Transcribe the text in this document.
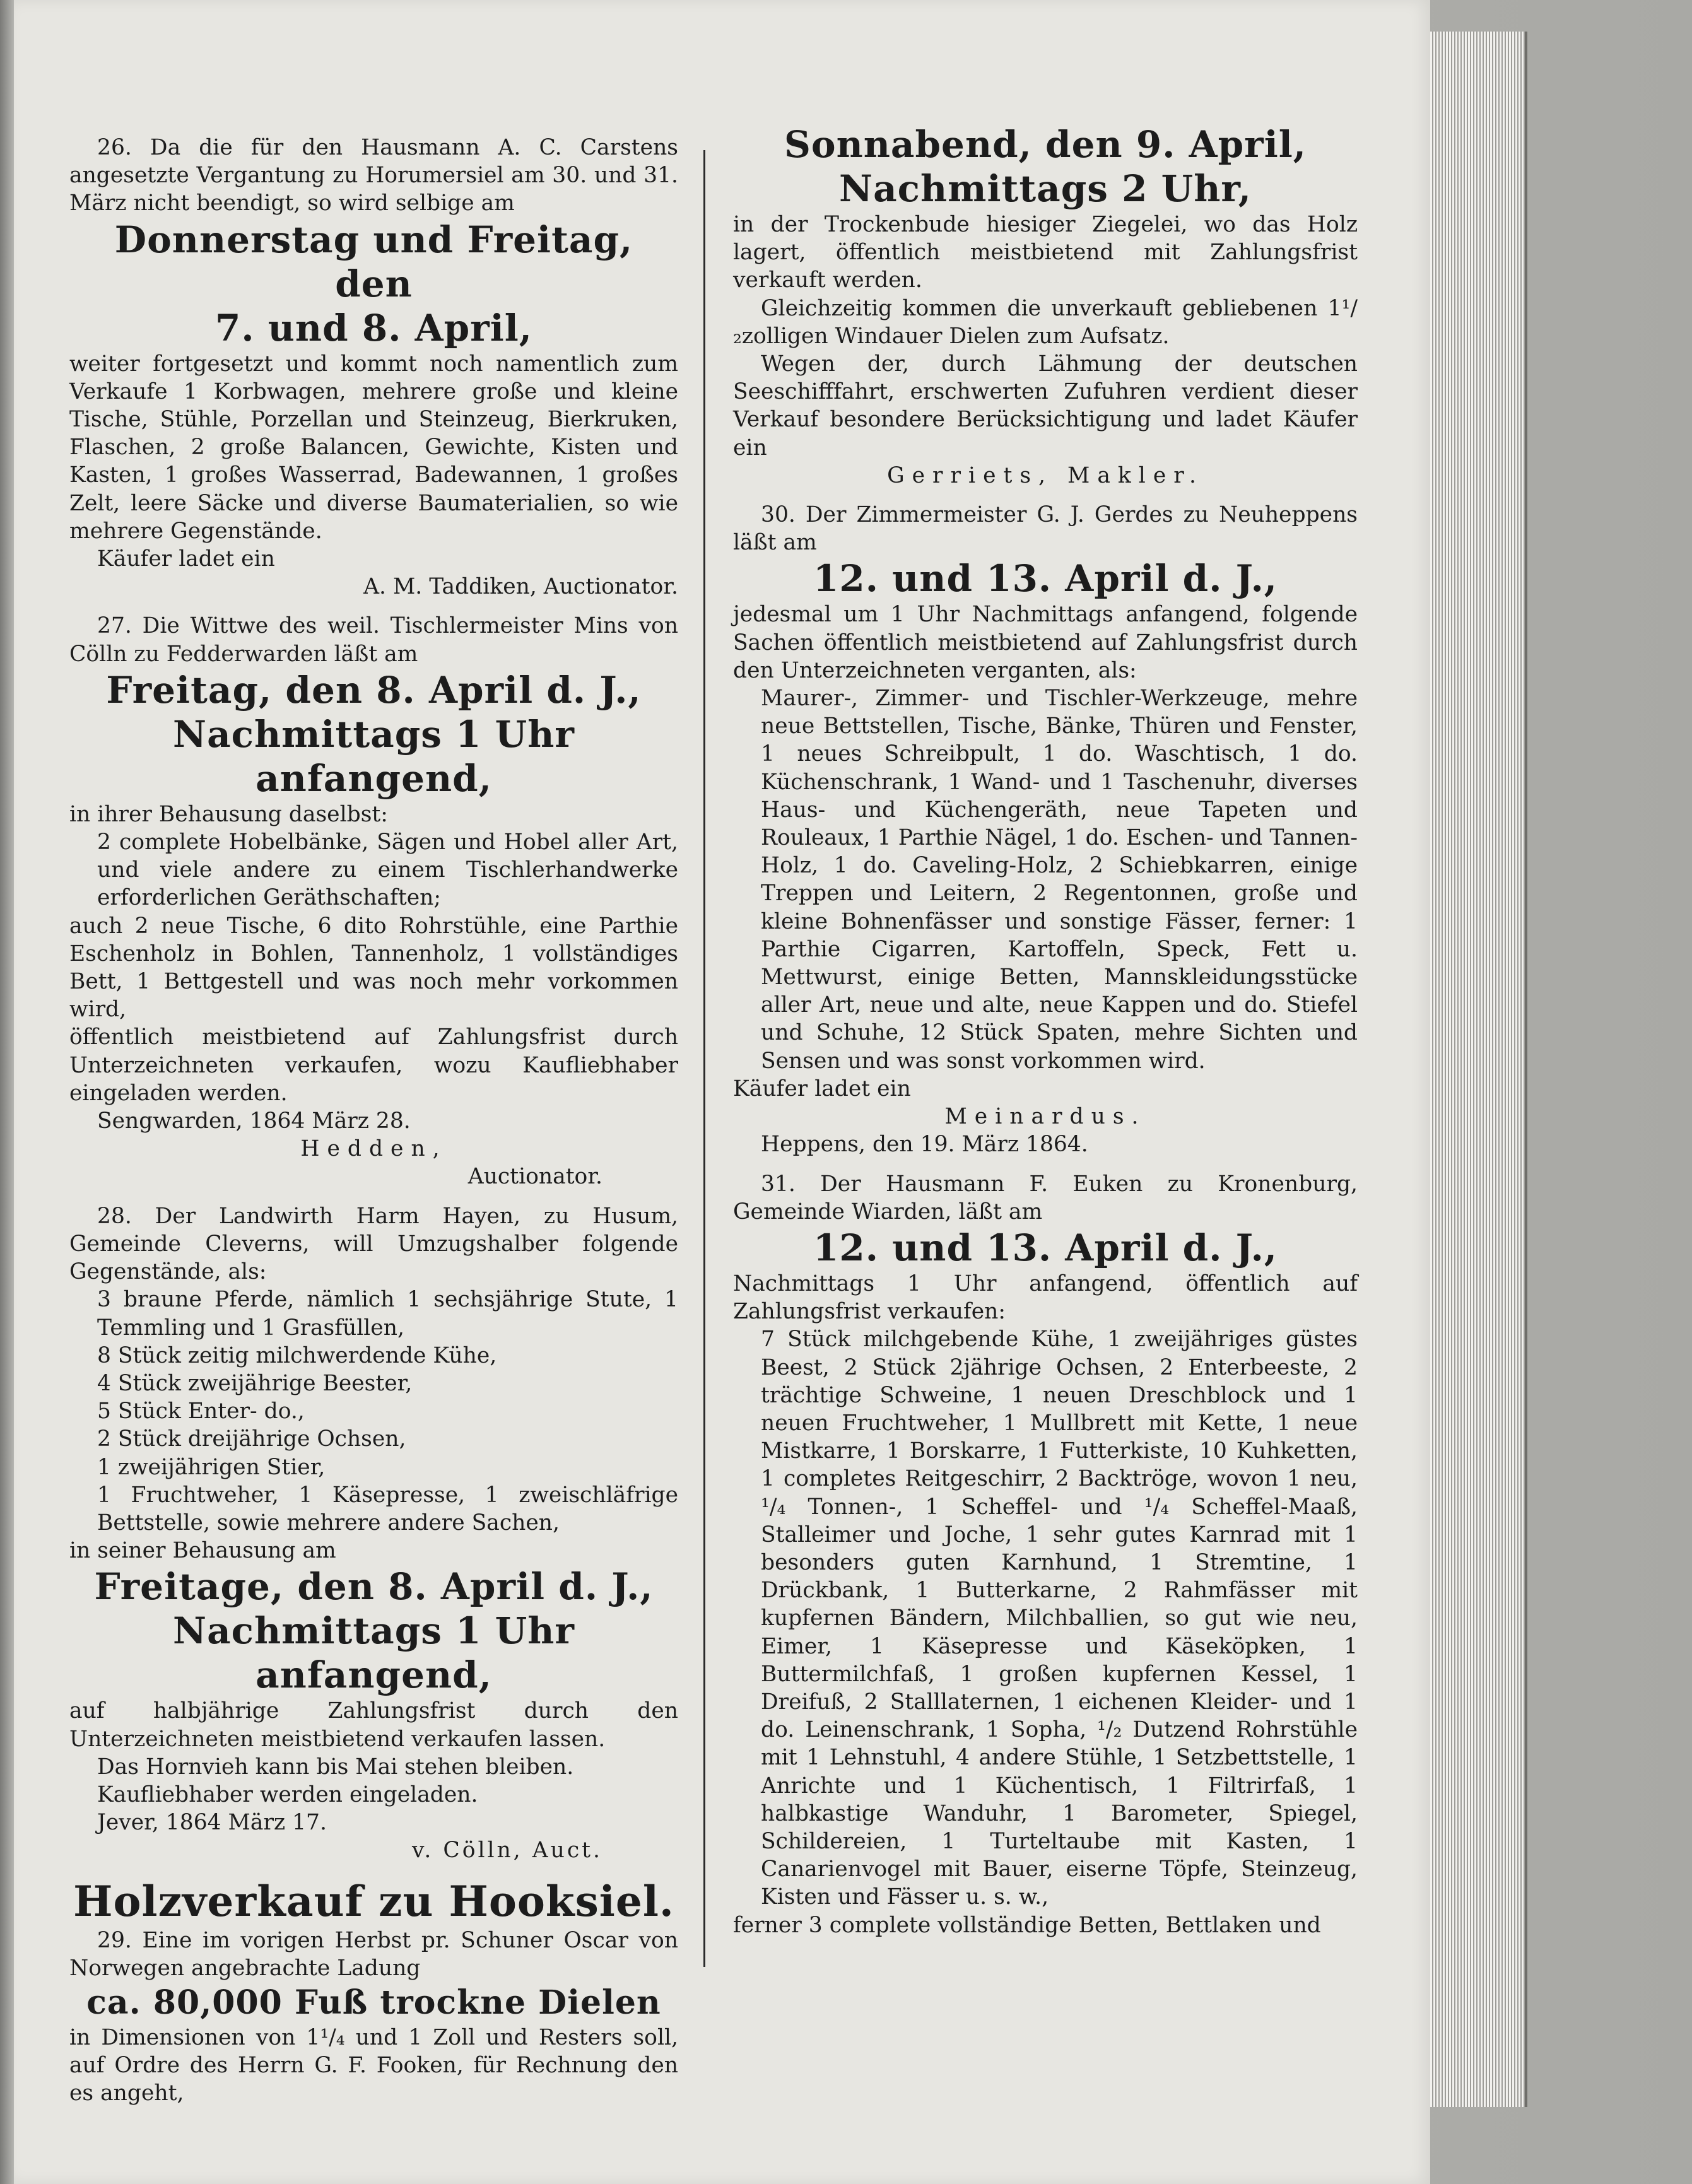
26. Da die für den Hausmann A. C. Carstens angesetzte Vergantung zu Horumersiel am 30. und 31. März nicht beendigt, so wird selbige am

Donnerstag und Freitag, den
7. und 8. April,

weiter fortgesetzt und kommt noch namentlich zum Verkaufe 1 Korbwagen, mehrere große und kleine Tische, Stühle, Porzellan und Steinzeug, Bierkruken, Flaschen, 2 große Balancen, Gewichte, Kisten und Kasten, 1 großes Wasserrad, Badewannen, 1 großes Zelt, leere Säcke und diverse Baumaterialien, so wie mehrere Gegenstände.

Käufer ladet ein

A. M. Taddiken, Auctionator.

27. Die Wittwe des weil. Tischlermeister Mins von Cölln zu Fedderwarden läßt am

Freitag, den 8. April d. J.,
Nachmittags 1 Uhr anfangend,

in ihrer Behausung daselbst:

2 complete Hobelbänke, Sägen und Hobel aller Art, und viele andere zu einem Tischlerhandwerke erforderlichen Geräthschaften;

auch 2 neue Tische, 6 dito Rohrstühle, eine Parthie Eschenholz in Bohlen, Tannenholz, 1 vollständiges Bett, 1 Bettgestell und was noch mehr vorkommen wird,

öffentlich meistbietend auf Zahlungsfrist durch Unterzeichneten verkaufen, wozu Kaufliebhaber eingeladen werden.

Sengwarden, 1864 März 28.

Hedden,

Auctionator.

28. Der Landwirth Harm Hayen, zu Husum, Gemeinde Cleverns, will Umzugshalber folgende Gegenstände, als:

3 braune Pferde, nämlich 1 sechsjährige Stute, 1 Temmling und 1 Grasfüllen,

8 Stück zeitig milchwerdende Kühe,

4 Stück zweijährige Beester,

5 Stück Enter- do.,

2 Stück dreijährige Ochsen,

1 zweijährigen Stier,

1 Fruchtweher, 1 Käsepresse, 1 zweischläfrige Bettstelle, sowie mehrere andere Sachen,

in seiner Behausung am

Freitage, den 8. April d. J.,
Nachmittags 1 Uhr anfangend,

auf halbjährige Zahlungsfrist durch den Unterzeichneten meistbietend verkaufen lassen.

Das Hornvieh kann bis Mai stehen bleiben.

Kaufliebhaber werden eingeladen.

Jever, 1864 März 17.

v. Cölln, Auct.

Holzverkauf zu Hooksiel.

29. Eine im vorigen Herbst pr. Schuner Oscar von Norwegen angebrachte Ladung

ca. 80,000 Fuß trockne Dielen

in Dimensionen von 1¹/₄ und 1 Zoll und Resters soll, auf Ordre des Herrn G. F. Fooken, für Rechnung den es angeht,

Sonnabend, den 9. April,
Nachmittags 2 Uhr,

in der Trockenbude hiesiger Ziegelei, wo das Holz lagert, öffentlich meistbietend mit Zahlungsfrist verkauft werden.

Gleichzeitig kommen die unverkauft gebliebenen 1¹/₂zolligen Windauer Dielen zum Aufsatz.

Wegen der, durch Lähmung der deutschen Seeschifffahrt, erschwerten Zufuhren verdient dieser Verkauf besondere Berücksichtigung und ladet Käufer ein

Gerriets, Makler.

30. Der Zimmermeister G. J. Gerdes zu Neuheppens läßt am

12. und 13. April d. J.,

jedesmal um 1 Uhr Nachmittags anfangend, folgende Sachen öffentlich meistbietend auf Zahlungsfrist durch den Unterzeichneten verganten, als:

Maurer-, Zimmer- und Tischler-Werkzeuge, mehre neue Bettstellen, Tische, Bänke, Thüren und Fenster, 1 neues Schreibpult, 1 do. Waschtisch, 1 do. Küchenschrank, 1 Wand- und 1 Taschenuhr, diverses Haus- und Küchengeräth, neue Tapeten und Rouleaux, 1 Parthie Nägel, 1 do. Eschen- und Tannen-Holz, 1 do. Caveling-Holz, 2 Schiebkarren, einige Treppen und Leitern, 2 Regentonnen, große und kleine Bohnenfässer und sonstige Fässer, ferner: 1 Parthie Cigarren, Kartoffeln, Speck, Fett u. Mettwurst, einige Betten, Mannskleidungsstücke aller Art, neue und alte, neue Kappen und do. Stiefel und Schuhe, 12 Stück Spaten, mehre Sichten und Sensen und was sonst vorkommen wird.

Käufer ladet ein

Meinardus.

Heppens, den 19. März 1864.

31. Der Hausmann F. Euken zu Kronenburg, Gemeinde Wiarden, läßt am

12. und 13. April d. J.,

Nachmittags 1 Uhr anfangend, öffentlich auf Zahlungsfrist verkaufen:

7 Stück milchgebende Kühe, 1 zweijähriges güstes Beest, 2 Stück 2jährige Ochsen, 2 Enterbeeste, 2 trächtige Schweine, 1 neuen Dreschblock und 1 neuen Fruchtweher, 1 Mullbrett mit Kette, 1 neue Mistkarre, 1 Borskarre, 1 Futterkiste, 10 Kuhketten, 1 completes Reitgeschirr, 2 Backtröge, wovon 1 neu, ¹/₄ Tonnen-, 1 Scheffel- und ¹/₄ Scheffel-Maaß, Stalleimer und Joche, 1 sehr gutes Karnrad mit 1 besonders guten Karnhund, 1 Stremtine, 1 Drückbank, 1 Butterkarne, 2 Rahmfässer mit kupfernen Bändern, Milchballien, so gut wie neu, Eimer, 1 Käsepresse und Käseköpken, 1 Buttermilchfaß, 1 großen kupfernen Kessel, 1 Dreifuß, 2 Stalllaternen, 1 eichenen Kleider- und 1 do. Leinenschrank, 1 Sopha, ¹/₂ Dutzend Rohrstühle mit 1 Lehnstuhl, 4 andere Stühle, 1 Setzbettstelle, 1 Anrichte und 1 Küchentisch, 1 Filtrirfaß, 1 halbkastige Wanduhr, 1 Barometer, Spiegel, Schildereien, 1 Turteltaube mit Kasten, 1 Canarienvogel mit Bauer, eiserne Töpfe, Steinzeug, Kisten und Fässer u. s. w.,

ferner 3 complete vollständige Betten, Bettlaken und
